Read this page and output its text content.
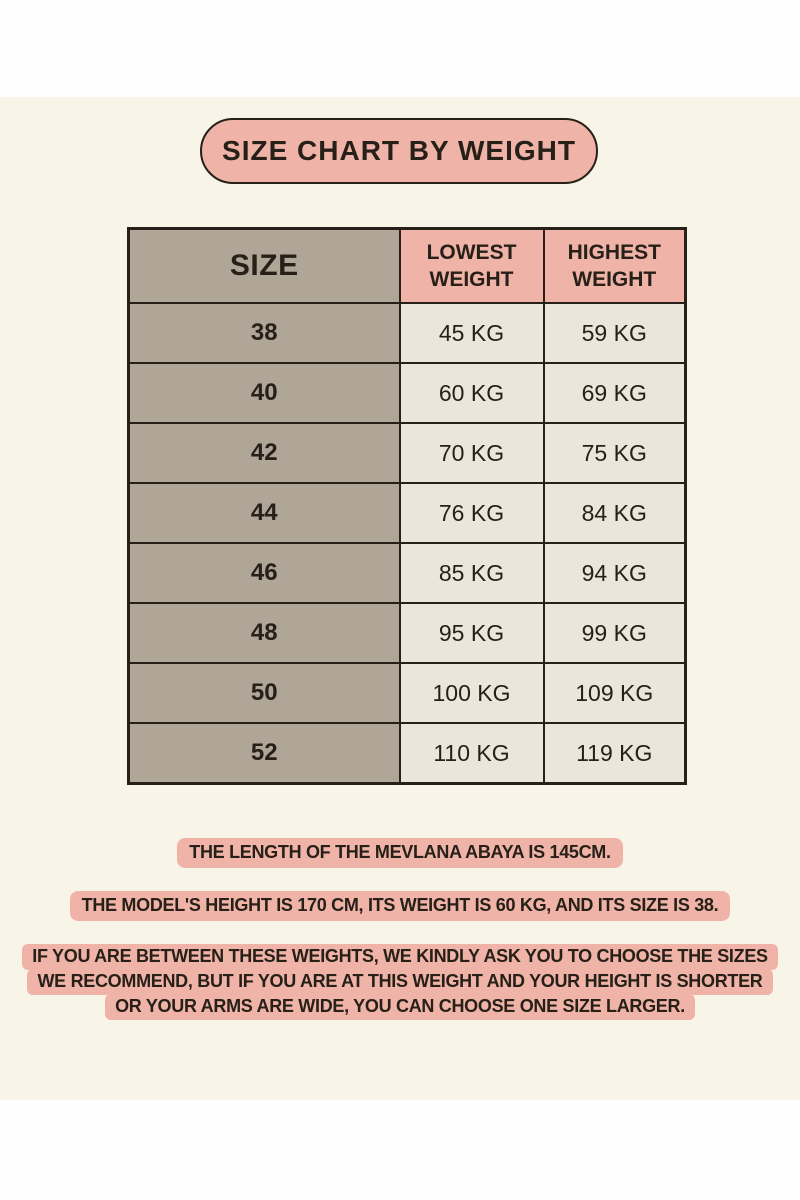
SIZE CHART BY WEIGHT
SIZE	LOWEST WEIGHT	HIGHEST WEIGHT
38	45 KG	59 KG
40	60 KG	69 KG
42	70 KG	75 KG
44	76 KG	84 KG
46	85 KG	94 KG
48	95 KG	99 KG
50	100 KG	109 KG
52	110 KG	119 KG
THE LENGTH OF THE MEVLANA ABAYA IS 145CM.
THE MODEL'S HEIGHT IS 170 CM, ITS WEIGHT IS 60 KG, AND ITS SIZE IS 38.
IF YOU ARE BETWEEN THESE WEIGHTS, WE KINDLY ASK YOU TO CHOOSE THE SIZES
WE RECOMMEND, BUT IF YOU ARE AT THIS WEIGHT AND YOUR HEIGHT IS SHORTER
OR YOUR ARMS ARE WIDE, YOU CAN CHOOSE ONE SIZE LARGER.
